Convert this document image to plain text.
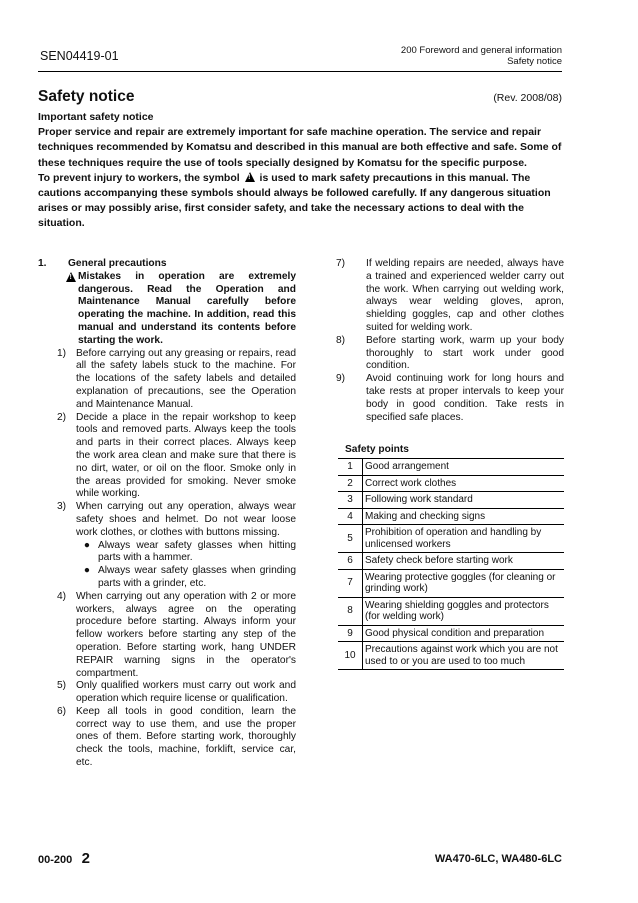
SEN04419-01	200 Foreword and general information
Safety notice
Safety notice	(Rev. 2008/08)

Important safety notice

Proper service and repair are extremely important for safe machine operation. The service and repair techniques recommended by Komatsu and described in this manual are both effective and safe. Some of these techniques require the use of tools specially designed by Komatsu for the specific purpose.

To prevent injury to workers, the symbol ! is used to mark safety precautions in this manual. The cautions accompanying these symbols should always be followed carefully. If any dangerous situation arises or may possibly arise, first consider safety, and take the necessary actions to deal with the situation.

1.	General precautions
!
Mistakes in operation are extremely dangerous. Read the Operation and Maintenance Manual carefully before operating the machine. In addition, read this manual and understand its contents before starting the work.
1) Before carrying out any greasing or repairs, read all the safety labels stuck to the machine. For the locations of the safety labels and detailed explanation of precautions, see the Operation and Maintenance Manual.
2) Decide a place in the repair workshop to keep tools and removed parts. Always keep the tools and parts in their correct places. Always keep the work area clean and make sure that there is no dirt, water, or oil on the floor. Smoke only in the areas provided for smoking. Never smoke while working.
3) When carrying out any operation, always wear safety shoes and helmet. Do not wear loose work clothes, or clothes with buttons missing.
● Always wear safety glasses when hitting parts with a hammer.
● Always wear safety glasses when grinding parts with a grinder, etc.
4) When carrying out any operation with 2 or more workers, always agree on the operating procedure before starting. Always inform your fellow workers before starting any step of the operation. Before starting work, hang UNDER REPAIR warning signs in the operator's compartment.
5) Only qualified workers must carry out work and operation which require license or qualification.
6) Keep all tools in good condition, learn the correct way to use them, and use the proper ones of them. Before starting work, thoroughly check the tools, machine, forklift, service car, etc.
7)	If welding repairs are needed, always have a trained and experienced welder carry out the work. When carrying out welding work, always wear welding gloves, apron, shielding goggles, cap and other clothes suited for welding work.
8)	Before starting work, warm up your body thoroughly to start work under good condition.
9)	Avoid continuing work for long hours and take rests at proper intervals to keep your body in good condition. Take rests in specified safe places.
Safety points
1	Good arrangement
2	Correct work clothes
3	Following work standard
4	Making and checking signs
5	Prohibition of operation and handling by unlicensed workers
6	Safety check before starting work
7	Wearing protective goggles (for cleaning or grinding work)
8	Wearing shielding goggles and protectors (for welding work)
9	Good physical condition and preparation
10	Precautions against work which you are not used to or you are used to too much
00-200 2	WA470-6LC, WA480-6LC
